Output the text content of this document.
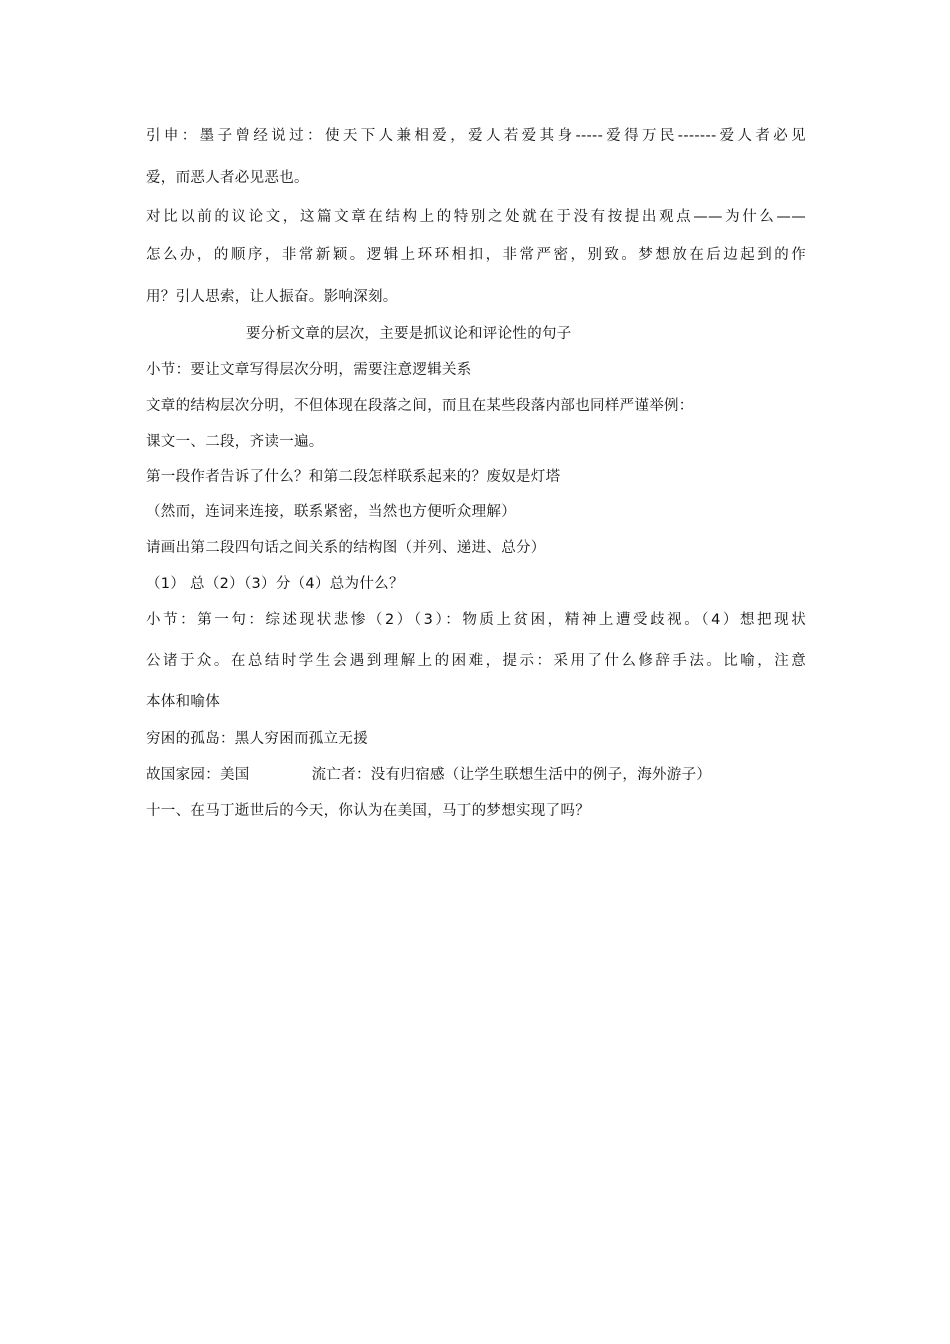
引申：墨子曾经说过：使天下人兼相爱，爱人若爱其身-----爱得万民-------爱人者必见

爱，而恶人者必见恶也。

对比以前的议论文，这篇文章在结构上的特别之处就在于没有按提出观点——为什么——

怎么办，的顺序，非常新颖。逻辑上环环相扣，非常严密，别致。梦想放在后边起到的作

用？引人思索，让人振奋。影响深刻。

要分析文章的层次，主要是抓议论和评论性的句子

小节：要让文章写得层次分明，需要注意逻辑关系

文章的结构层次分明，不但体现在段落之间，而且在某些段落内部也同样严谨举例：

课文一、二段，齐读一遍。

第一段作者告诉了什么？和第二段怎样联系起来的？废奴是灯塔

（然而，连词来连接，联系紧密，当然也方便听众理解）

请画出第二段四句话之间关系的结构图（并列、递进、总分）

（1） 总（2）（3）分（4）总为什么？

小节：第一句：综述现状悲惨（2）（3）：物质上贫困，精神上遭受歧视。（4）想把现状

公诸于众。在总结时学生会遇到理解上的困难，提示：采用了什么修辞手法。比喻，注意

本体和喻体

穷困的孤岛：黑人穷困而孤立无援

故国家园：美国	流亡者：没有归宿感（让学生联想生活中的例子，海外游子）

十一、在马丁逝世后的今天，你认为在美国，马丁的梦想实现了吗？
